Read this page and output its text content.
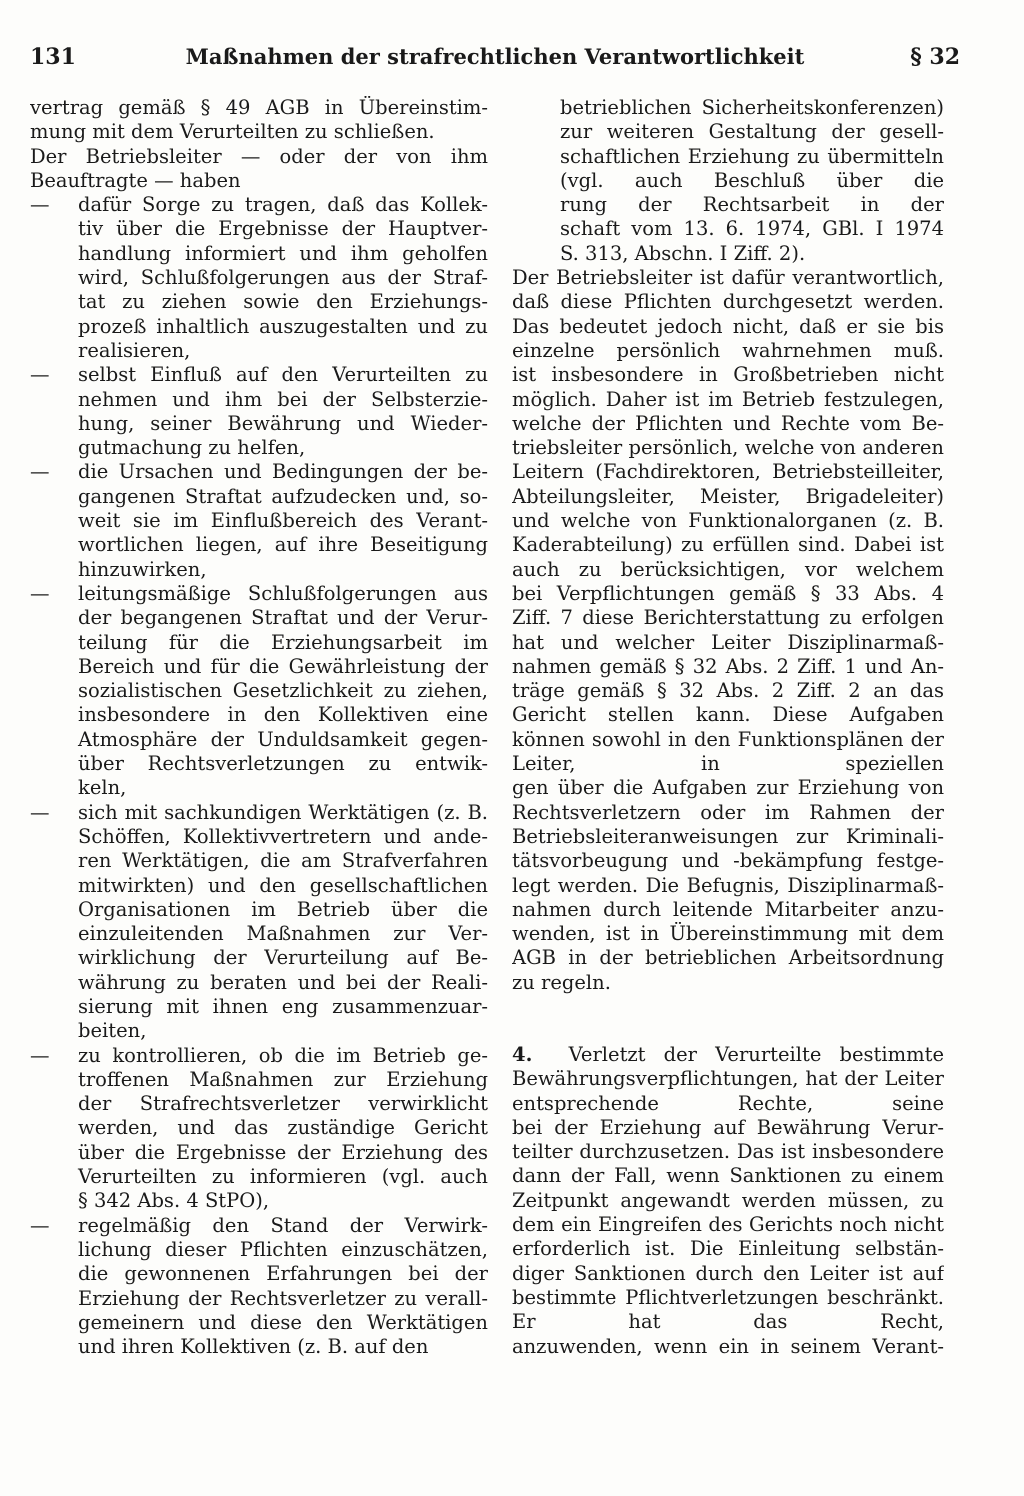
131	Maßnahmen der strafrechtlichen Verantwortlichkeit	§ 32
vertrag gemäß § 49 AGB in Übereinstim-
mung mit dem Verurteilten zu schließen.
Der Betriebsleiter — oder der von ihm
Beauftragte — haben
—	dafür Sorge zu tragen, daß das Kollek-
tiv über die Ergebnisse der Hauptver-
handlung informiert und ihm geholfen
wird, Schlußfolgerungen aus der Straf-
tat zu ziehen sowie den Erziehungs-
prozeß inhaltlich auszugestalten und zu
realisieren,
—	selbst Einfluß auf den Verurteilten zu
nehmen und ihm bei der Selbsterzie-
hung, seiner Bewährung und Wieder-
gutmachung zu helfen,
—	die Ursachen und Bedingungen der be-
gangenen Straftat aufzudecken und, so-
weit sie im Einflußbereich des Verant-
wortlichen liegen, auf ihre Beseitigung
hinzuwirken,
—	leitungsmäßige Schlußfolgerungen aus
der begangenen Straftat und der Verur-
teilung für die Erziehungsarbeit im
Bereich und für die Gewährleistung der
sozialistischen Gesetzlichkeit zu ziehen,
insbesondere in den Kollektiven eine
Atmosphäre der Unduldsamkeit gegen-
über Rechtsverletzungen zu entwik-
keln,
—	sich mit sachkundigen Werktätigen (z. B.
Schöffen, Kollektivvertretern und ande-
ren Werktätigen, die am Strafverfahren
mitwirkten) und den gesellschaftlichen
Organisationen im Betrieb über die
einzuleitenden Maßnahmen zur Ver-
wirklichung der Verurteilung auf Be-
währung zu beraten und bei der Reali-
sierung mit ihnen eng zusammenzuar-
beiten,
—	zu kontrollieren, ob die im Betrieb ge-
troffenen Maßnahmen zur Erziehung
der Strafrechtsverletzer verwirklicht
werden, und das zuständige Gericht
über die Ergebnisse der Erziehung des
Verurteilten zu informieren (vgl. auch
§ 342 Abs. 4 StPO),
—	regelmäßig den Stand der Verwirk-
lichung dieser Pflichten einzuschätzen,
die gewonnenen Erfahrungen bei der
Erziehung der Rechtsverletzer zu verall-
gemeinern und diese den Werktätigen
und ihren Kollektiven (z. B. auf den
betrieblichen Sicherheitskonferenzen)
zur weiteren Gestaltung der gesell-
schaftlichen Erziehung zu übermitteln
(vgl. auch Beschluß über die
rung der Rechtsarbeit in der
schaft vom 13. 6. 1974, GBl. I 1974
S. 313, Abschn. I Ziff. 2).
Der Betriebsleiter ist dafür verantwortlich,
daß diese Pflichten durchgesetzt werden.
Das bedeutet jedoch nicht, daß er sie bis
einzelne persönlich wahrnehmen muß.
ist insbesondere in Großbetrieben nicht
möglich. Daher ist im Betrieb festzulegen,
welche der Pflichten und Rechte vom Be-
triebsleiter persönlich, welche von anderen
Leitern (Fachdirektoren, Betriebsteilleiter,
Abteilungsleiter, Meister, Brigadeleiter)
und welche von Funktionalorganen (z. B.
Kaderabteilung) zu erfüllen sind. Dabei ist
auch zu berücksichtigen, vor welchem
bei Verpflichtungen gemäß § 33 Abs. 4
Ziff. 7 diese Berichterstattung zu erfolgen
hat und welcher Leiter Disziplinarmaß-
nahmen gemäß § 32 Abs. 2 Ziff. 1 und An-
träge gemäß § 32 Abs. 2 Ziff. 2 an das
Gericht stellen kann. Diese Aufgaben
können sowohl in den Funktionsplänen der
Leiter, in speziellen
gen über die Aufgaben zur Erziehung von
Rechtsverletzern oder im Rahmen der
Betriebsleiteranweisungen zur Kriminali-
tätsvorbeugung und -bekämpfung festge-
legt werden. Die Befugnis, Disziplinarmaß-
nahmen durch leitende Mitarbeiter anzu-
wenden, ist in Übereinstimmung mit dem
AGB in der betrieblichen Arbeitsordnung
zu regeln.
4. Verletzt der Verurteilte bestimmte
Bewährungsverpflichtungen, hat der Leiter
entsprechende Rechte, seine
bei der Erziehung auf Bewährung Verur-
teilter durchzusetzen. Das ist insbesondere
dann der Fall, wenn Sanktionen zu einem
Zeitpunkt angewandt werden müssen, zu
dem ein Eingreifen des Gerichts noch nicht
erforderlich ist. Die Einleitung selbstän-
diger Sanktionen durch den Leiter ist auf
bestimmte Pflichtverletzungen beschränkt.
Er hat das Recht,
anzuwenden, wenn ein in seinem Verant-
